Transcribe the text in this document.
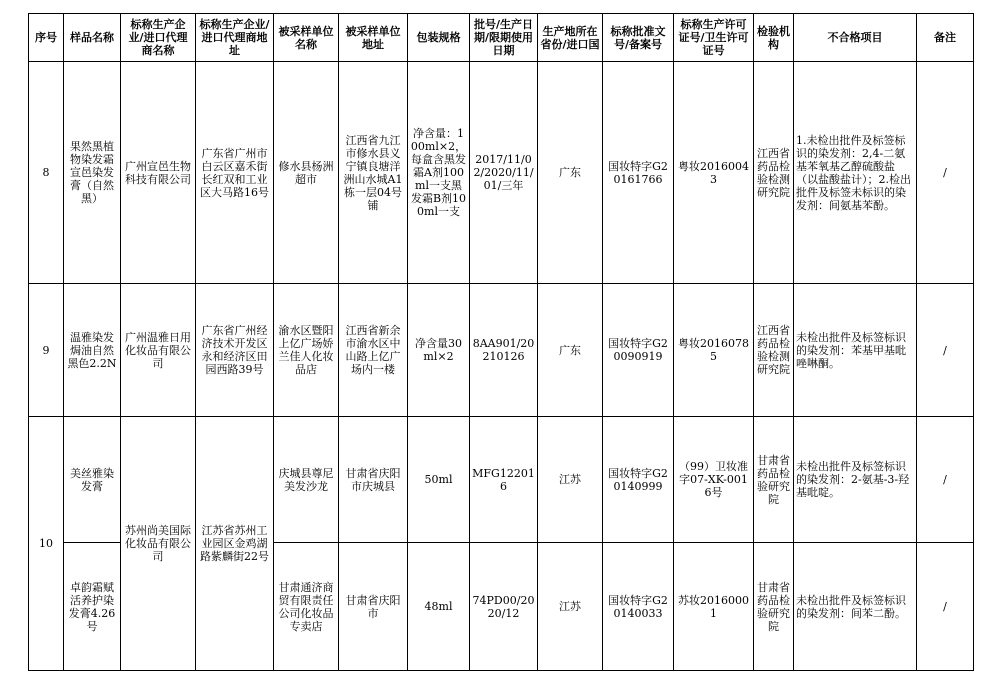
序号	样品名称	标称生产企业/进口代理商名称	标称生产企业/进口代理商地址	被采样单位名称	被采样单位地址	包装规格	批号/生产日期/限期使用日期	生产地所在省份/进口国	标称批准文号/备案号	标称生产许可证号/卫生许可证号	检验机构	不合格项目	备注
8	果然黑植物染发霜宣邑染发膏（自然黑）	广州宣邑生物科技有限公司	广东省广州市白云区嘉禾街长红双和工业区大马路16号	修水县杨洲超市	江西省九江市修水县义宁镇良塘洋洲山水城A1栋一层04号铺	净含量：100ml×2，每盒含黑发霜A剂100ml一支黑发霜B剂100ml一支	2017/11/02/2020/11/01/三年	广东	国妆特字G20161766	粤妆20160043	江西省药品检验检测研究院	1.未检出批件及标签标识的染发剂：2,4-二氨基苯氧基乙醇硫酸盐（以盐酸盐计）；2.检出批件及标签未标识的染发剂：间氨基苯酚。	/
9	温雅染发焗油自然黑色2.2N	广州温雅日用化妆品有限公司	广东省广州经济技术开发区永和经济区田园西路39号	渝水区暨阳上亿广场娇兰佳人化妆品店	江西省新余市渝水区中山路上亿广场内一楼	净含量30ml×2	8AA901/20210126	广东	国妆特字G20090919	粤妆20160785	江西省药品检验检测研究院	未检出批件及标签标识的染发剂：苯基甲基吡唑啉酮。	/
10	美丝雅染发膏	苏州尚美国际化妆品有限公司	江苏省苏州工业园区金鸡湖路紫麟街22号	庆城县尊尼美发沙龙	甘肃省庆阳市庆城县	50ml	MFG122016	江苏	国妆特字G20140999	（99）卫妆准字07-XK-0016号	甘肃省药品检验研究院	未检出批件及标签标识的染发剂：2-氨基-3-羟基吡啶。	/
	卓韵霜赋活养护染发膏4.26号			甘肃通济商贸有限责任公司化妆品专卖店	甘肃省庆阳市	48ml	74PD00/2020/12	江苏	国妆特字G20140033	苏妆20160001	甘肃省药品检验研究院	未检出批件及标签标识的染发剂：间苯二酚。	/
